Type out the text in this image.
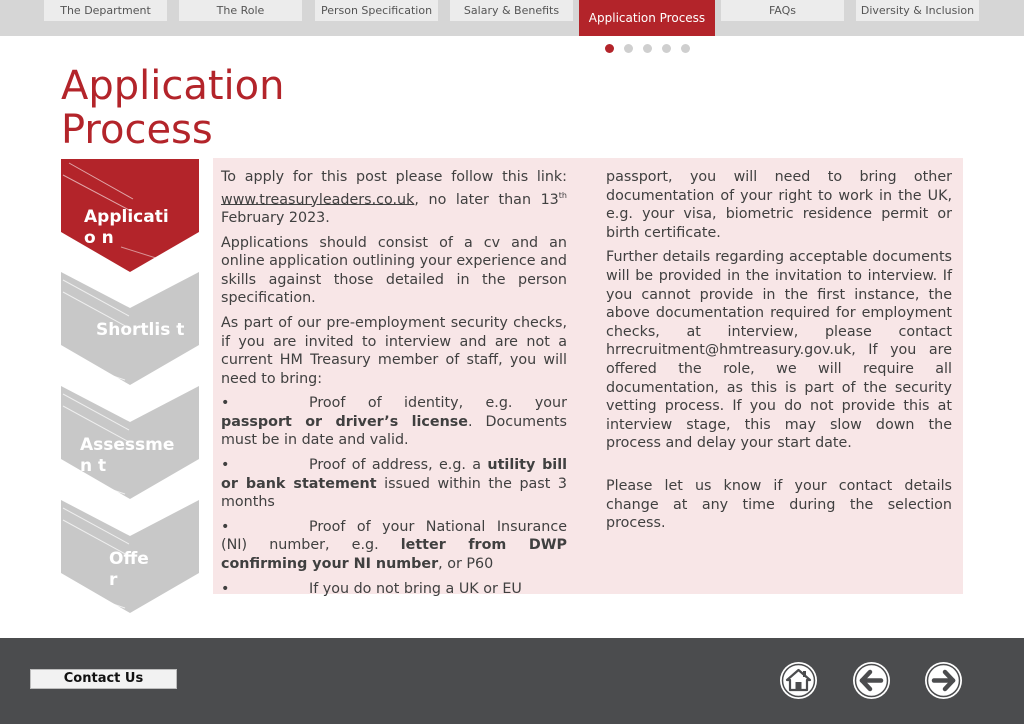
The Department	The Role	Person Specification	Salary & Benefits
Application Process
FAQs	Diversity & Inclusion
Application Process
Applicatio n
Shortlis t
Assessmen t
Offe r

To apply for this post please follow this link: www.treasuryleaders.co.uk, no later than 13th February 2023.

Applications should consist of a cv and an online application outlining your experience and skills against those detailed in the person specification.

As part of our pre-employment security checks, if you are invited to interview and are not a current HM Treasury member of staff, you will need to bring:

•	Proof of identity, e.g. your passport or driver’s license. Documents must be in date and valid.

•	Proof of address, e.g. a utility bill or bank statement issued within the past 3 months

•	Proof of your National Insurance (NI) number, e.g. letter from DWP confirming your NI number, or P60

•	If you do not bring a UK or EU

passport, you will need to bring other documentation of your right to work in the UK, e.g. your visa, biometric residence permit or birth certificate.

Further details regarding acceptable documents will be provided in the invitation to interview. If you cannot provide in the first instance, the above documentation required for employment checks, at interview, please contact hrrecruitment@hmtreasury.gov.uk, If you are offered the role, we will require all documentation, as this is part of the security vetting process. If you do not provide this at interview stage, this may slow down the process and delay your start date.

Please let us know if your contact details change at any time during the selection process.

Contact Us
